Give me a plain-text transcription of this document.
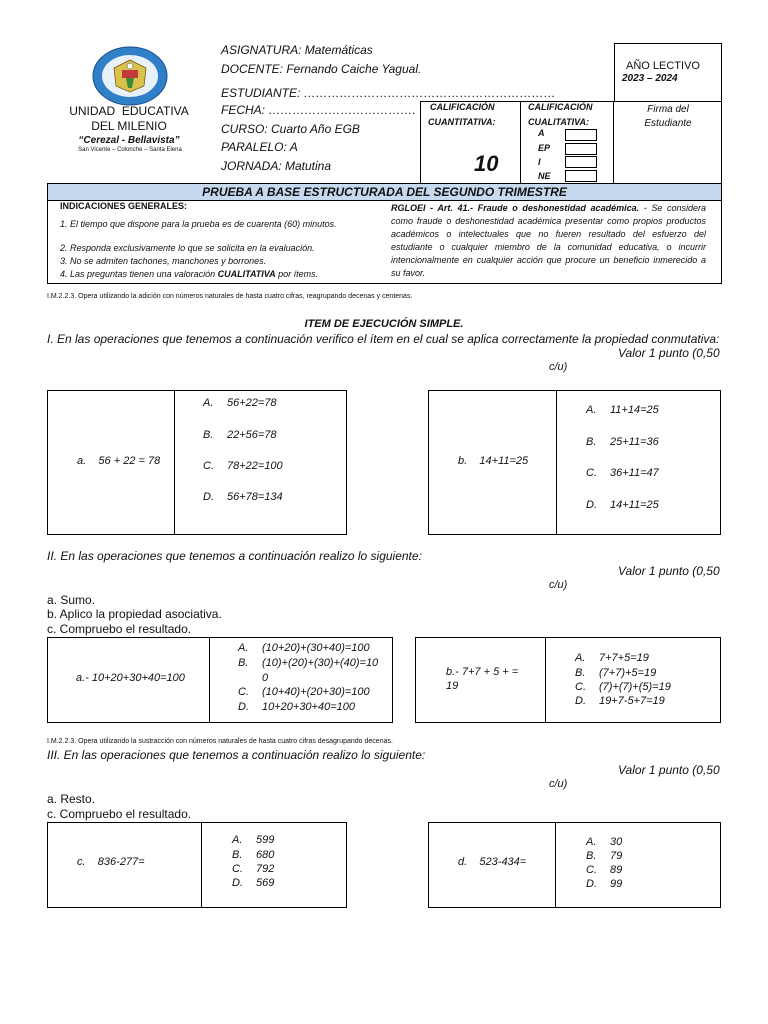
UNIDAD  EDUCATIVA
DEL MILENIO
“Cerezal - Bellavista”
San Vicente – Colonche – Santa Elena
ASIGNATURA: Matemáticas
DOCENTE: Fernando Caiche Yagual.
ESTUDIANTE: ………………………………………………………
FECHA: ……………………………….
CURSO: Cuarto Año EGB
PARALELO: A
JORNADA: Matutina
AÑO LECTIVO
2023 – 2024
CALIFICACIÓN
CUANTITATIVA:
10
CALIFICACIÓN
CUALITATIVA:
A
EP
I
NE
Firma del
Estudiante
PRUEBA A BASE ESTRUCTURADA DEL SEGUNDO TRIMESTRE
INDICACIONES GENERALES:
1. El tiempo que dispone para la prueba es de cuarenta (60) minutos.
2. Responda exclusivamente lo que se solicita en la evaluación.
3. No se admiten tachones, manchones y borrones.
4. Las preguntas tienen una valoración CUALITATIVA por ítems.
RGLOEI - Art. 41.- Fraude o deshonestidad académica. - Se considera como fraude o deshonestidad académica presentar como propios productos académicos o intelectuales que no fueren resultado del esfuerzo del estudiante o cualquier miembro de la comunidad educativa, o incurrir intencionalmente en cualquier acción que procure un beneficio inmerecido a su favor.
I.M.2.2.3. Opera utilizando la adición con números naturales de hasta cuatro cifras, reagrupando decenas y centenas.
ITEM DE EJECUCIÓN SIMPLE.
I. En las operaciones que tenemos a continuación verifico el ítem en el cual se aplica correctamente la propiedad conmutativa:
Valor 1 punto (0,50
c/u)
a. 56 + 22 = 78
A. 56+22=78
B. 22+56=78
C. 78+22=100
D. 56+78=134
b. 14+11=25
A. 11+14=25
B. 25+11=36
C. 36+11=47
D. 14+11=25
II. En las operaciones que tenemos a continuación realizo lo siguiente:
Valor 1 punto (0,50
c/u)
a. Sumo.
b. Aplico la propiedad asociativa.
c. Compruebo el resultado.
a.- 10+20+30+40=100
A. (10+20)+(30+40)=100
B. (10)+(20)+(30)+(40)=10
0
C. (10+40)+(20+30)=100
D. 10+20+30+40=100
b.- 7+7 + 5 + =
19
A. 7+7+5=19
B. (7+7)+5=19
C. (7)+(7)+(5)=19
D. 19+7-5+7=19
I.M.2.2.3. Opera utilizando la sustracción con números naturales de hasta cuatro cifras desagrupando decenas.
III. En las operaciones que tenemos a continuación realizo lo siguiente:
Valor 1 punto (0,50
c/u)
a. Resto.
c. Compruebo el resultado.
c. 836-277=
A. 599
B. 680
C. 792
D. 569
d. 523-434=
A. 30
B. 79
C. 89
D. 99
